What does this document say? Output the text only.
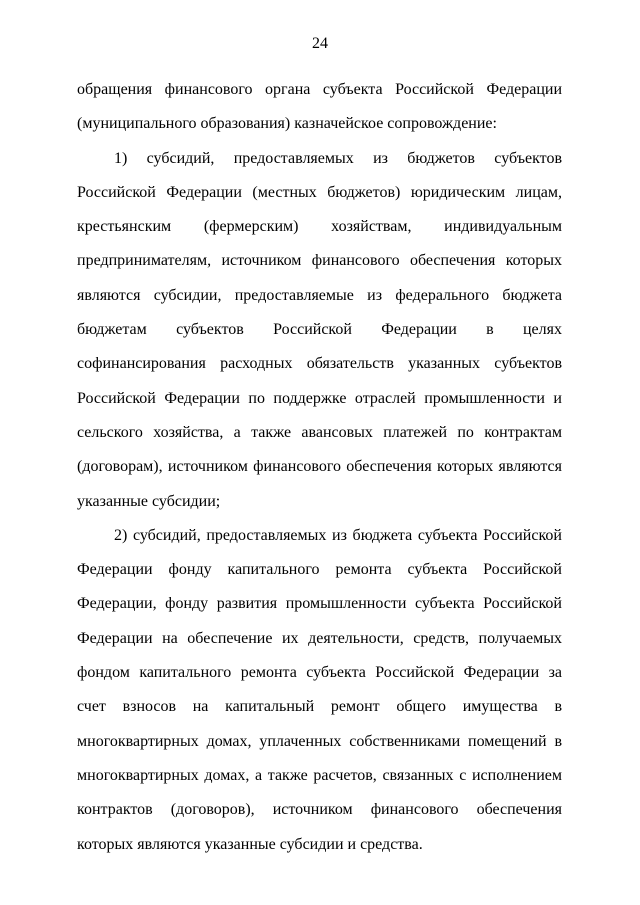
24

обращения финансового органа субъекта Российской Федерации (муниципального образования) казначейское сопровождение:

1) субсидий, предоставляемых из бюджетов субъектов Российской Федерации (местных бюджетов) юридическим лицам, крестьянским (фермерским) хозяйствам, индивидуальным предпринимателям, источником финансового обеспечения которых являются субсидии, предоставляемые из федерального бюджета бюджетам субъектов Российской Федерации в целях софинансирования расходных обязательств указанных субъектов Российской Федерации по поддержке отраслей промышленности и сельского хозяйства, а также авансовых платежей по контрактам (договорам), источником финансового обеспечения которых являются указанные субсидии;

2) субсидий, предоставляемых из бюджета субъекта Российской Федерации фонду капитального ремонта субъекта Российской Федерации, фонду развития промышленности субъекта Российской Федерации на обеспечение их деятельности, средств, получаемых фондом капитального ремонта субъекта Российской Федерации за счет взносов на капитальный ремонт общего имущества в многоквартирных домах, уплаченных собственниками помещений в многоквартирных домах, а также расчетов, связанных с исполнением контрактов (договоров), источником финансового обеспечения которых являются указанные субсидии и средства.
